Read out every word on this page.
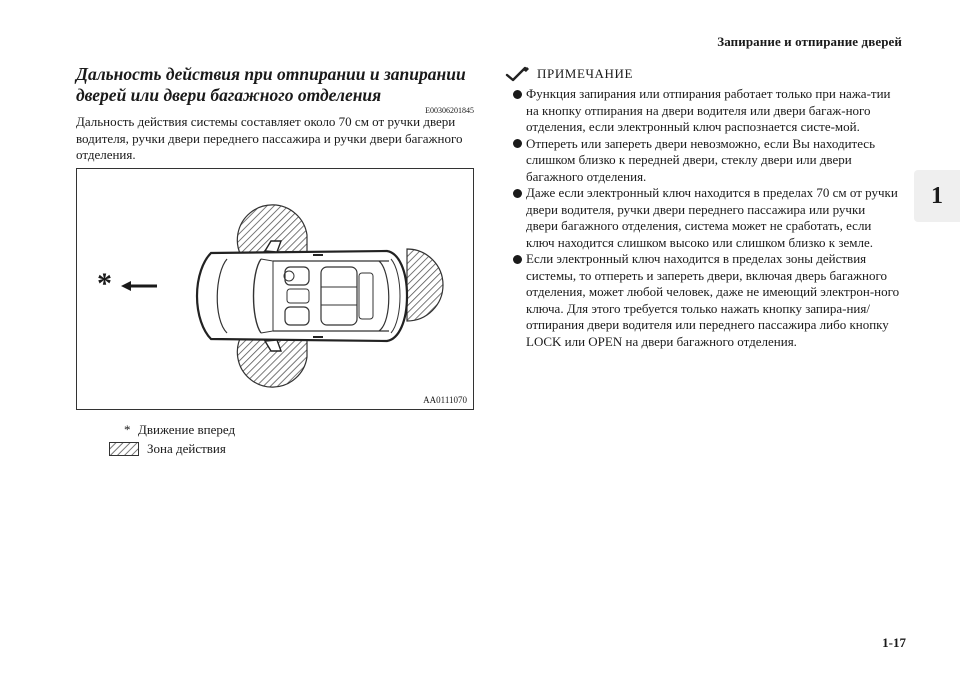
Запирание и отпирание дверей
1
Дальность действия при отпирании и запирании дверей или двери багажного отделения
E00306201845

Дальность действия системы составляет около 70 см от ручки двери водителя, ручки двери переднего пассажира и ручки двери багажного отделения.

*
AA0111070
* Движение вперед
Зона действия
ПРИМЕЧАНИЕ
Функция запирания или отпирания работает только при нажа-тии на кнопку отпирания на двери водителя или двери багаж-ного отделения, если электронный ключ распознается систе-мой.
Отпереть или запереть двери невозможно, если Вы находитесь слишком близко к передней двери, стеклу двери или двери багажного отделения.
Даже если электронный ключ находится в пределах 70 см от ручки двери водителя, ручки двери переднего пассажира или ручки двери багажного отделения, система может не сработать, если ключ находится слишком высоко или слишком близко к земле.
Если электронный ключ находится в пределах зоны действия системы, то отпереть и запереть двери, включая дверь багажного отделения, может любой человек, даже не имеющий электрон-ного ключа. Для этого требуется только нажать кнопку запира-ния/отпирания двери водителя или переднего пассажира либо кнопку LOCK или OPEN на двери багажного отделения.
1-17
